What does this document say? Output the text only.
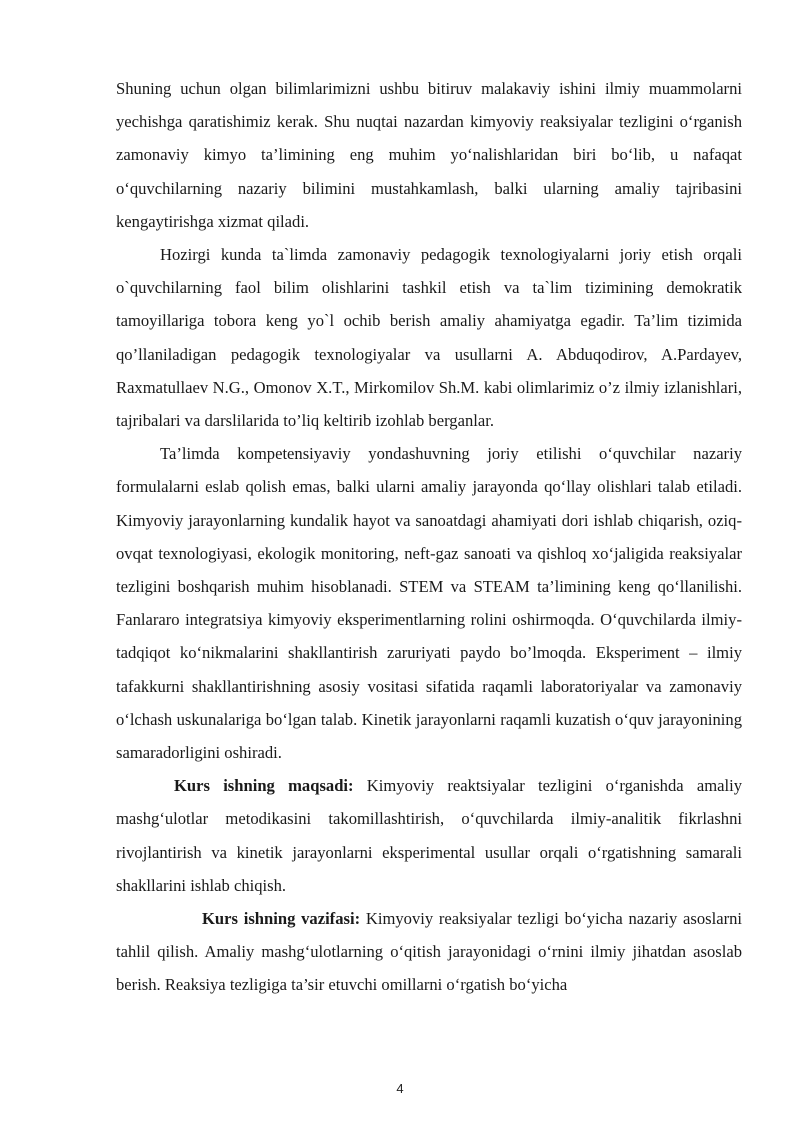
Shuning uchun olgan bilimlarimizni ushbu bitiruv malakaviy ishini ilmiy muammolarni yechishga qaratishimiz kerak. Shu nuqtai nazardan kimyoviy reaksiyalar tezligini o‘rganish zamonaviy kimyo ta’limining eng muhim yo‘nalishlaridan biri bo‘lib, u nafaqat o‘quvchilarning nazariy bilimini mustahkamlash, balki ularning amaliy tajribasini kengaytirishga xizmat qiladi.

Hozirgi kunda ta`limda zamonaviy pedagogik texnologiyalarni joriy etish orqali o`quvchilarning faol bilim olishlarini tashkil etish va ta`lim tizimining demokratik tamoyillariga tobora keng yo`l ochib berish amaliy ahamiyatga egadir. Ta’lim tizimida qo’llaniladigan pedagogik texnologiyalar va usullarni A. Abduqodirov, A.Pardayev, Raxmatullaev N.G., Omonov X.T., Mirkomilov Sh.M. kabi olimlarimiz o’z ilmiy izlanishlari, tajribalari va darslilarida to’liq keltirib izohlab berganlar.

Ta’limda kompetensiyaviy yondashuvning joriy etilishi o‘quvchilar nazariy formulalarni eslab qolish emas, balki ularni amaliy jarayonda qo‘llay olishlari talab etiladi. Kimyoviy jarayonlarning kundalik hayot va sanoatdagi ahamiyati dori ishlab chiqarish, oziq-ovqat texnologiyasi, ekologik monitoring, neft-gaz sanoati va qishloq xo‘jaligida reaksiyalar tezligini boshqarish muhim hisoblanadi. STEM va STEAM ta’limining keng qo‘llanilishi. Fanlararo integratsiya kimyoviy eksperimentlarning rolini oshirmoqda. O‘quvchilarda ilmiy-tadqiqot ko‘nikmalarini shakllantirish zaruriyati paydo bo’lmoqda. Eksperiment – ilmiy tafakkurni shakllantirishning asosiy vositasi sifatida raqamli laboratoriyalar va zamonaviy o‘lchash uskunalariga bo‘lgan talab. Kinetik jarayonlarni raqamli kuzatish o‘quv jarayonining samaradorligini oshiradi.

Kurs ishning maqsadi: Kimyoviy reaktsiyalar tezligini o‘rganishda amaliy mashg‘ulotlar metodikasini takomillashtirish, o‘quvchilarda ilmiy-analitik fikrlashni rivojlantirish va kinetik jarayonlarni eksperimental usullar orqali o‘rgatishning samarali shakllarini ishlab chiqish.

Kurs ishning vazifasi: Kimyoviy reaksiyalar tezligi bo‘yicha nazariy asoslarni tahlil qilish. Amaliy mashg‘ulotlarning o‘qitish jarayonidagi o‘rnini ilmiy jihatdan asoslab berish. Reaksiya tezligiga ta’sir etuvchi omillarni o‘rgatish bo‘yicha

4
